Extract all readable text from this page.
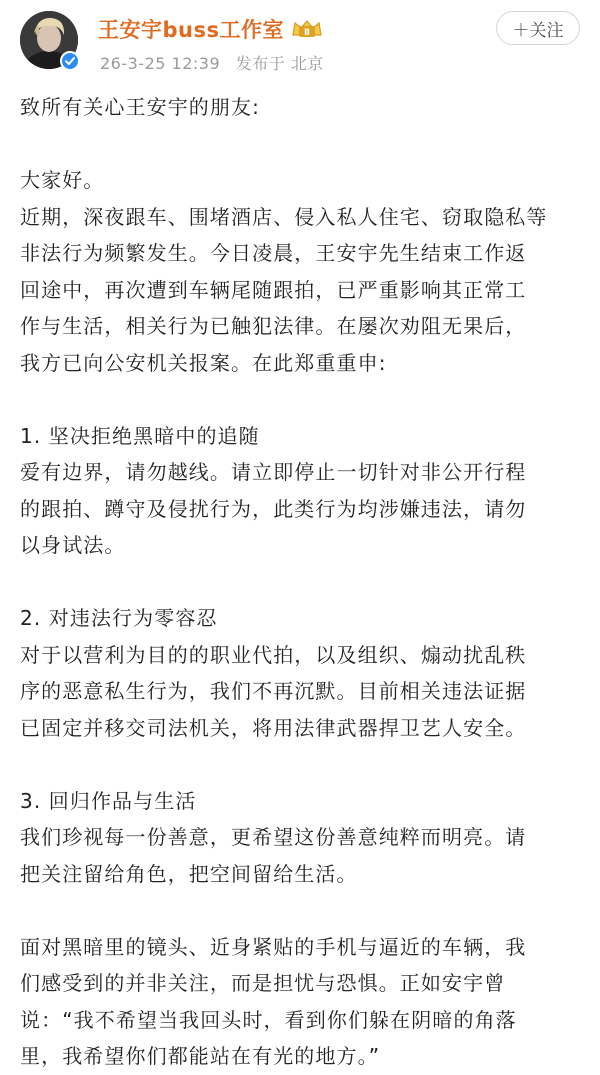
王安宇buss工作室 Ⅱ
26-3-25 12:39 发布于 北京
＋关注

致所有关心王安宇的朋友:

大家好。

近期，深夜跟车、围堵酒店、侵入私人住宅、窃取隐私等

非法行为频繁发生。今日凌晨，王安宇先生结束工作返

回途中，再次遭到车辆尾随跟拍，已严重影响其正常工

作与生活，相关行为已触犯法律。在屡次劝阻无果后，

我方已向公安机关报案。在此郑重重申:

1. 坚决拒绝黑暗中的追随

爱有边界，请勿越线。请立即停止一切针对非公开行程

的跟拍、蹲守及侵扰行为，此类行为均涉嫌违法，请勿

以身试法。

2. 对违法行为零容忍

对于以营利为目的的职业代拍，以及组织、煽动扰乱秩

序的恶意私生行为，我们不再沉默。目前相关违法证据

已固定并移交司法机关，将用法律武器捍卫艺人安全。

3. 回归作品与生活

我们珍视每一份善意，更希望这份善意纯粹而明亮。请

把关注留给角色，把空间留给生活。

面对黑暗里的镜头、近身紧贴的手机与逼近的车辆，我

们感受到的并非关注，而是担忧与恐惧。正如安宇曾

说：“我不希望当我回头时，看到你们躲在阴暗的角落

里，我希望你们都能站在有光的地方。”
